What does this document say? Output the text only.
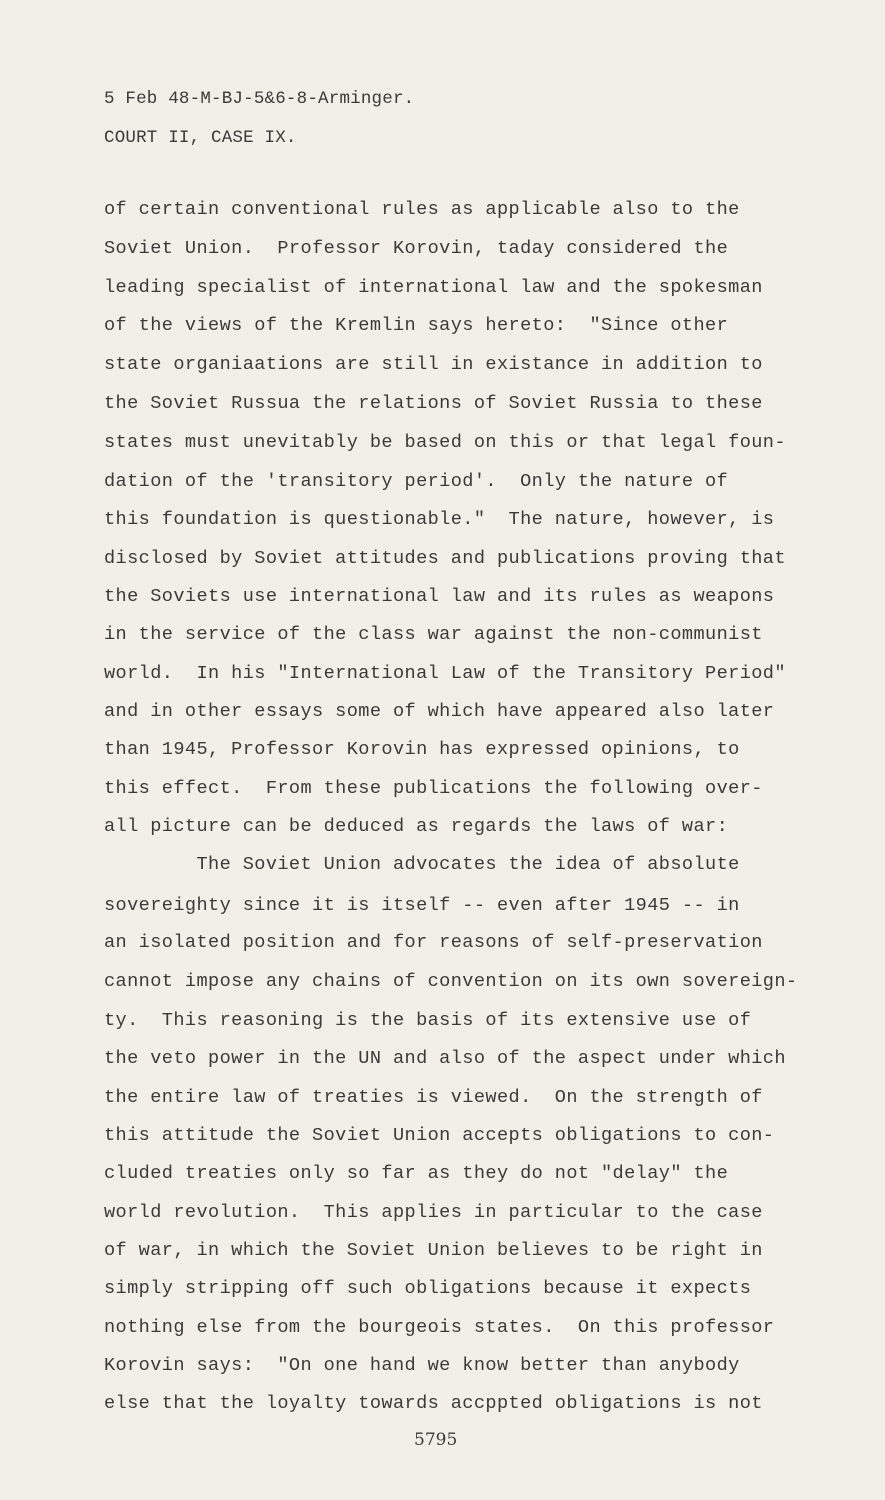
5 Feb 48-M-BJ-5&6-8-Arminger.
COURT II, CASE IX.
of certain conventional rules as applicable also to the
Soviet Union.  Professor Korovin, taday considered the
leading specialist of international law and the spokesman
of the views of the Kremlin says hereto:  "Since other
state organiaations are still in existance in addition to
the Soviet Russua the relations of Soviet Russia to these
states must unevitably be based on this or that legal foun-
dation of the 'transitory period'.  Only the nature of
this foundation is questionable."  The nature, however, is
disclosed by Soviet attitudes and publications proving that
the Soviets use international law and its rules as weapons
in the service of the class war against the non-communist
world.  In his "International Law of the Transitory Period"
and in other essays some of which have appeared also later
than 1945, Professor Korovin has expressed opinions, to
this effect.  From these publications the following over-
all picture can be deduced as regards the laws of war:
The Soviet Union advocates the idea of absolute
sovereighty since it is itself -- even after 1945 -- in
an isolated position and for reasons of self-preservation
cannot impose any chains of convention on its own sovereign-
ty.  This reasoning is the basis of its extensive use of
the veto power in the UN and also of the aspect under which
the entire law of treaties is viewed.  On the strength of
this attitude the Soviet Union accepts obligations to con-
cluded treaties only so far as they do not "delay" the
world revolution.  This applies in particular to the case
of war, in which the Soviet Union believes to be right in
simply stripping off such obligations because it expects
nothing else from the bourgeois states.  On this professor
Korovin says:  "On one hand we know better than anybody
else that the loyalty towards accppted obligations is not
5795
